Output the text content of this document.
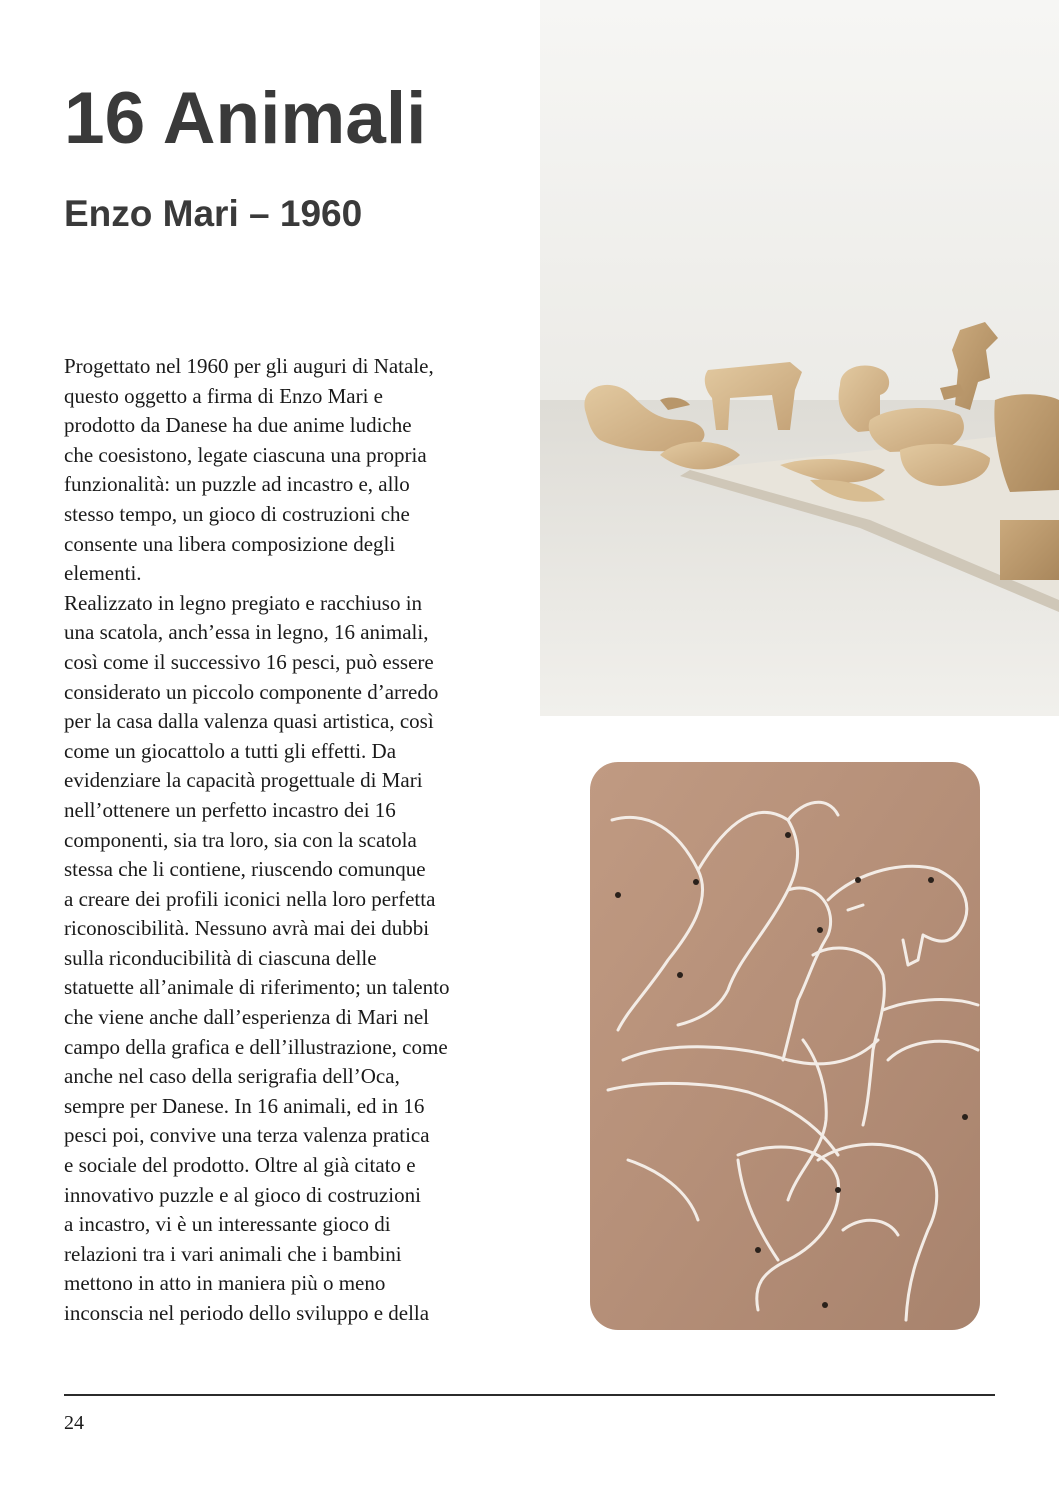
16 Animali
Enzo Mari – 1960
Progettato nel 1960 per gli auguri di Natale,
questo oggetto a firma di Enzo Mari e
prodotto da Danese ha due anime ludiche
che coesistono, legate ciascuna una propria
funzionalità: un puzzle ad incastro e, allo
stesso tempo, un gioco di costruzioni che
consente una libera composizione degli
elementi.
Realizzato in legno pregiato e racchiuso in
una scatola, anch’essa in legno, 16 animali,
così come il successivo 16 pesci, può essere
considerato un piccolo componente d’arredo
per la casa dalla valenza quasi artistica, così
come un giocattolo a tutti gli effetti. Da
evidenziare la capacità progettuale di Mari
nell’ottenere un perfetto incastro dei 16
componenti, sia tra loro, sia con la scatola
stessa che li contiene, riuscendo comunque
a creare dei profili iconici nella loro perfetta
riconoscibilità. Nessuno avrà mai dei dubbi
sulla riconducibilità di ciascuna delle
statuette all’animale di riferimento; un talento
che viene anche dall’esperienza di Mari nel
campo della grafica e dell’illustrazione, come
anche nel caso della serigrafia dell’Oca,
sempre per Danese. In 16 animali, ed in 16
pesci poi, convive una terza valenza pratica
e sociale del prodotto. Oltre al già citato e
innovativo puzzle e al gioco di costruzioni
a incastro, vi è un interessante gioco di
relazioni tra i vari animali che i bambini
mettono in atto in maniera più o meno
inconscia nel periodo dello sviluppo e della
24
